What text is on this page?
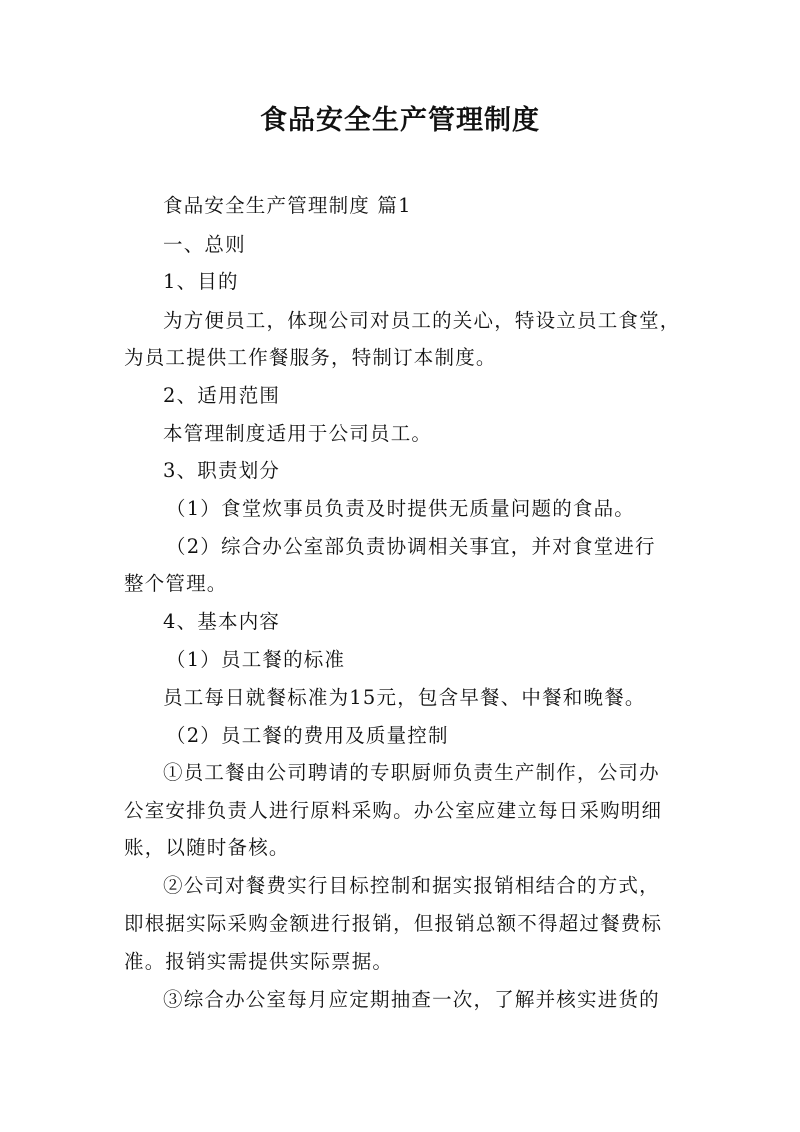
食品安全生产管理制度
食品安全生产管理制度 篇1
一、总则
1、目的
为方便员工，体现公司对员工的关心，特设立员工食堂，
为员工提供工作餐服务，特制订本制度。
2、适用范围
本管理制度适用于公司员工。
3、职责划分
（1）食堂炊事员负责及时提供无质量问题的食品。
（2）综合办公室部负责协调相关事宜，并对食堂进行
整个管理。
4、基本内容
（1）员工餐的标准
员工每日就餐标准为15元，包含早餐、中餐和晚餐。
（2）员工餐的费用及质量控制
①员工餐由公司聘请的专职厨师负责生产制作，公司办
公室安排负责人进行原料采购。办公室应建立每日采购明细
账，以随时备核。
②公司对餐费实行目标控制和据实报销相结合的方式，
即根据实际采购金额进行报销，但报销总额不得超过餐费标
准。报销实需提供实际票据。
③综合办公室每月应定期抽查一次，了解并核实进货的
